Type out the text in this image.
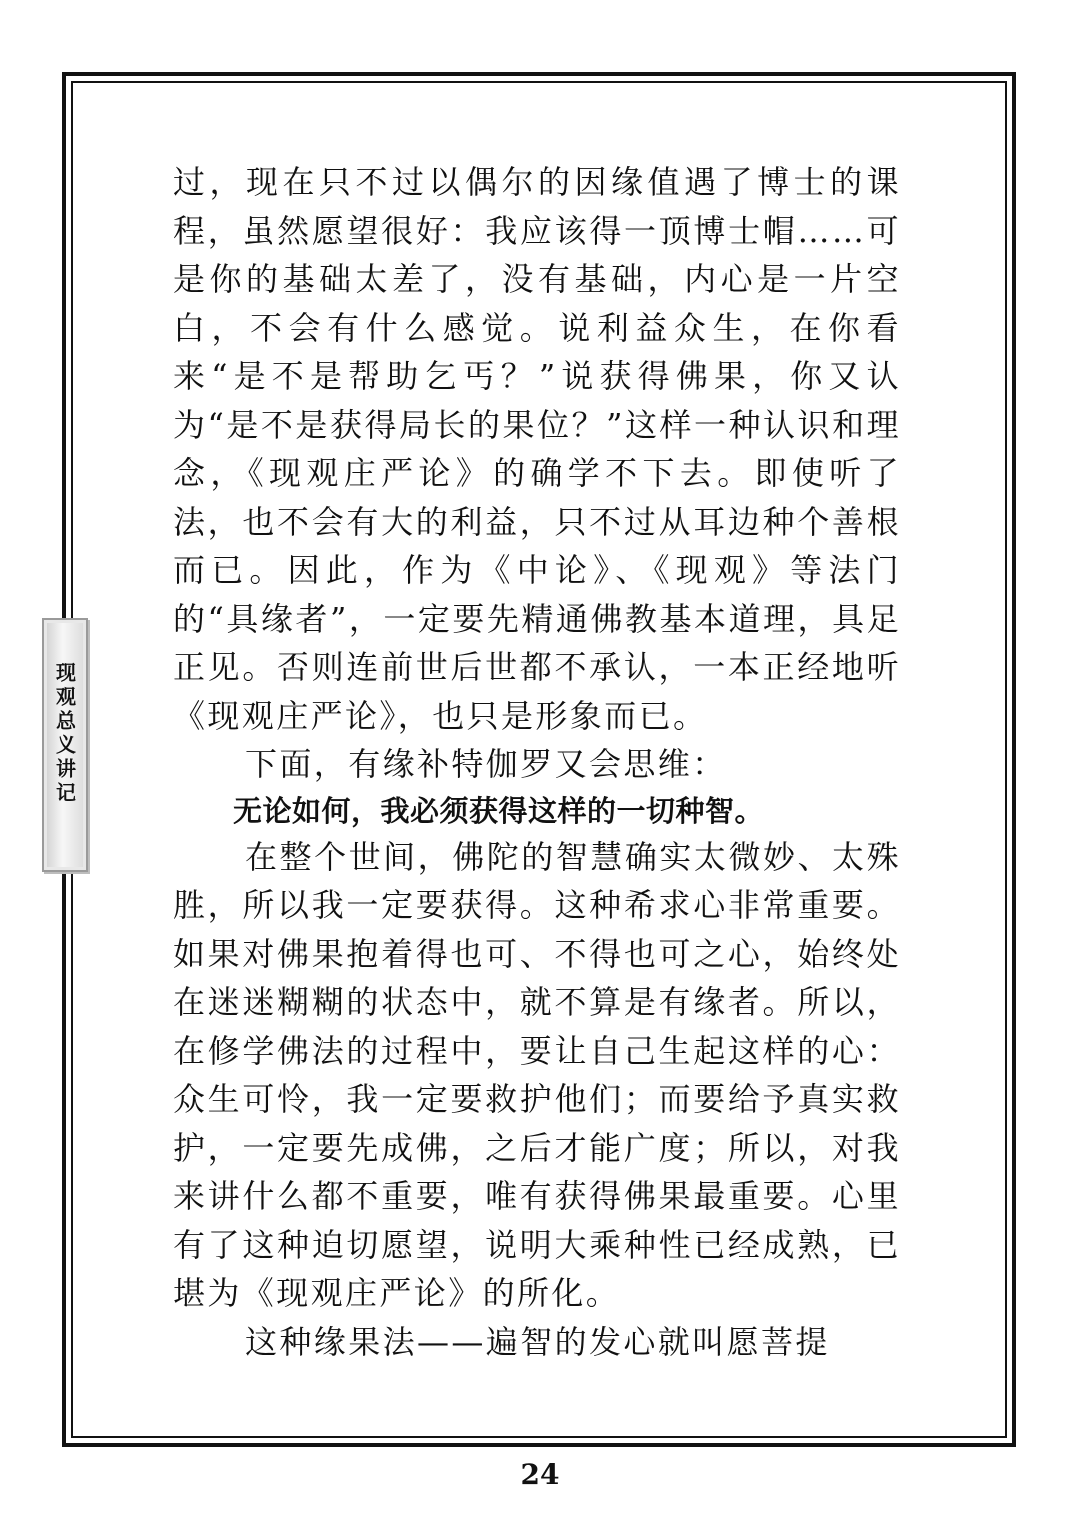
现观总义讲记

过，现在只不过以偶尔的因缘值遇了博士的课程，虽然愿望很好：我应该得一顶博士帽……可是你的基础太差了，没有基础，内心是一片空白，不会有什么感觉。说利益众生，在你看来“是不是帮助乞丐？”说获得佛果，你又认为“是不是获得局长的果位？”这样一种认识和理念，《现观庄严论》的确学不下去。即使听了法，也不会有大的利益，只不过从耳边种个善根而已。因此，作为《中论》、《现观》等法门的“具缘者”，一定要先精通佛教基本道理，具足正见。否则连前世后世都不承认，一本正经地听《现观庄严论》，也只是形象而已。

下面，有缘补特伽罗又会思维：

无论如何，我必须获得这样的一切种智。

在整个世间，佛陀的智慧确实太微妙、太殊胜，所以我一定要获得。这种希求心非常重要。如果对佛果抱着得也可、不得也可之心，始终处在迷迷糊糊的状态中，就不算是有缘者。所以，在修学佛法的过程中，要让自己生起这样的心：众生可怜，我一定要救护他们；而要给予真实救护，一定要先成佛，之后才能广度；所以，对我来讲什么都不重要，唯有获得佛果最重要。心里有了这种迫切愿望，说明大乘种性已经成熟，已堪为《现观庄严论》的所化。

这种缘果法——遍智的发心就叫愿菩提

24
